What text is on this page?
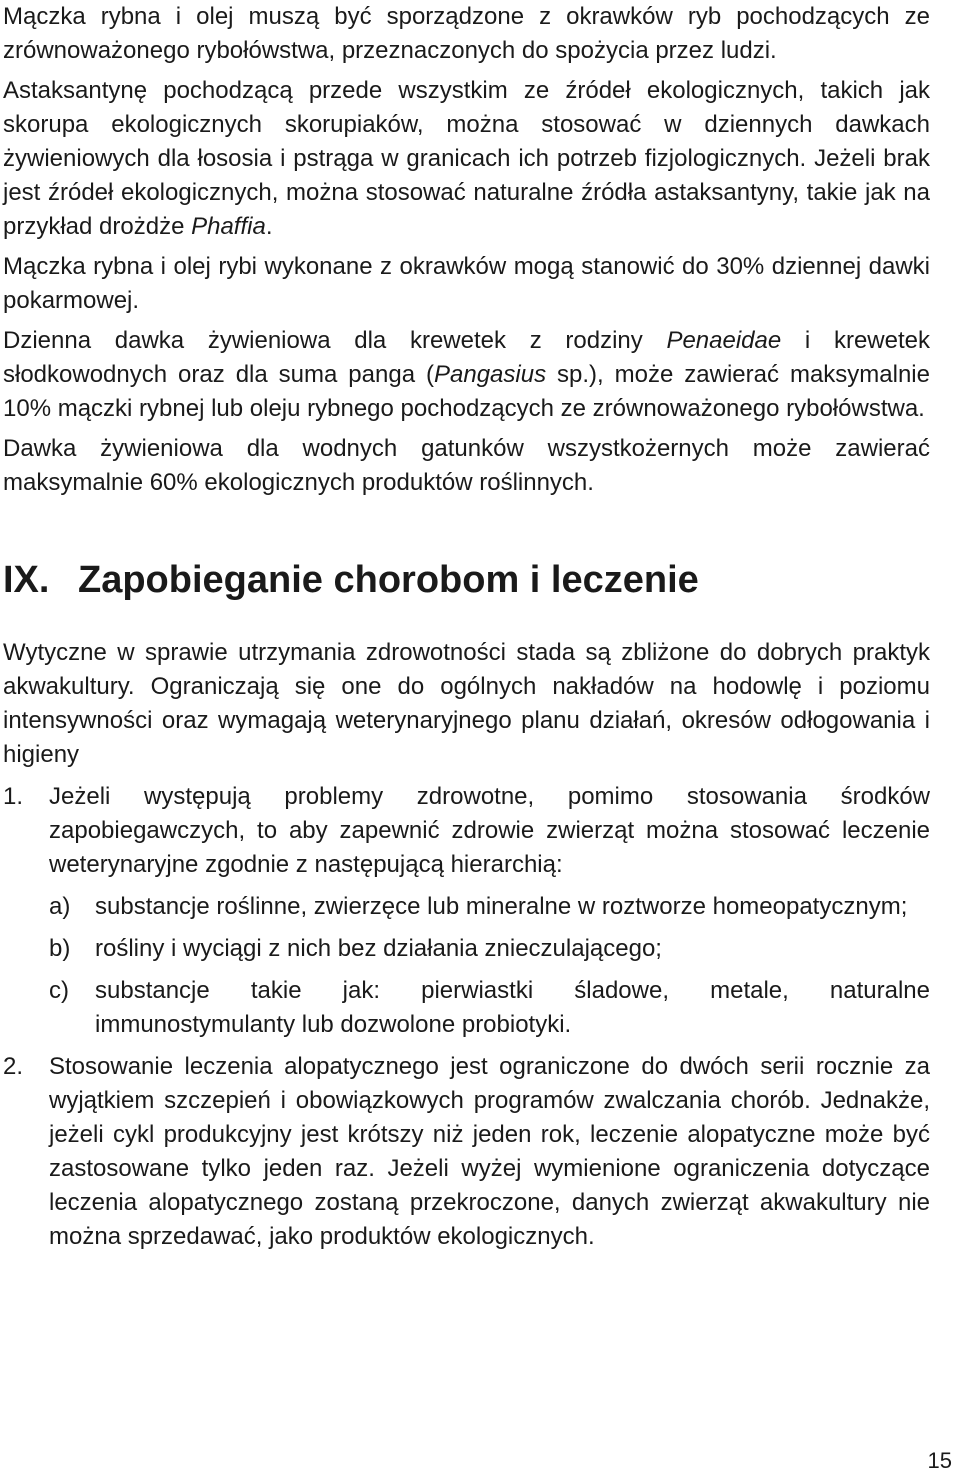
Mączka rybna i olej muszą być sporządzone z okrawków ryb pochodzących ze zrównoważonego rybołówstwa, przeznaczonych do spożycia przez ludzi.

Astaksantynę pochodzącą przede wszystkim ze źródeł ekologicznych, takich jak skorupa ekologicznych skorupiaków, można stosować w dziennych dawkach żywieniowych dla łososia i pstrąga w granicach ich potrzeb fizjologicznych. Jeżeli brak jest źródeł ekologicznych, można stosować naturalne źródła astaksantyny, takie jak na przykład drożdże Phaffia.

Mączka rybna i olej rybi wykonane z okrawków mogą stanowić do 30% dziennej dawki pokarmowej.

Dzienna dawka żywieniowa dla krewetek z rodziny Penaeidae i krewetek słodkowodnych oraz dla suma panga (Pangasius sp.), może zawierać maksymalnie 10% mączki rybnej lub oleju rybnego pochodzących ze zrównoważonego rybołówstwa.

Dawka żywieniowa dla wodnych gatunków wszystkożernych może zawierać maksymalnie 60% ekologicznych produktów roślinnych.

IX. Zapobieganie chorobom i leczenie

Wytyczne w sprawie utrzymania zdrowotności stada są zbliżone do dobrych praktyk akwakultury. Ograniczają się one do ogólnych nakładów na hodowlę i poziomu intensywności oraz wymagają weterynaryjnego planu działań, okresów odłogowania i higieny

1.	Jeżeli występują problemy zdrowotne, pomimo stosowania środków zapobiegawczych, to aby zapewnić zdrowie zwierząt można stosować leczenie weterynaryjne zgodnie z następującą hierarchią:
a)	substancje roślinne, zwierzęce lub mineralne w roztworze homeopatycznym;
b)	rośliny i wyciągi z nich bez działania znieczulającego;
c)	substancje takie jak: pierwiastki śladowe, metale, naturalne immunostymulanty lub dozwolone probiotyki.
2.	Stosowanie leczenia alopatycznego jest ograniczone do dwóch serii rocznie za wyjątkiem szczepień i obowiązkowych programów zwalczania chorób. Jednakże, jeżeli cykl produkcyjny jest krótszy niż jeden rok, leczenie alopatyczne może być zastosowane tylko jeden raz. Jeżeli wyżej wymienione ograniczenia dotyczące leczenia alopatycznego zostaną przekroczone, danych zwierząt akwakultury nie można sprzedawać, jako produktów ekologicznych.
15
